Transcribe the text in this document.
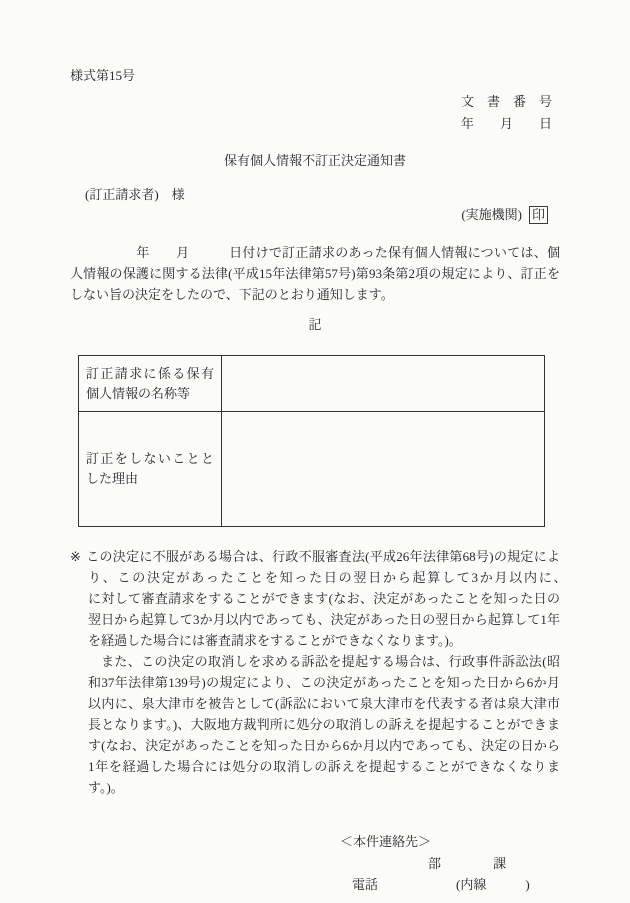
様式第15号
文　書　番　号
年　　月　　日
保有個人情報不訂正決定通知書
(訂正請求者)　様
(実施機関) 印

　　　　　年　　月　　　日付けで訂正請求のあった保有個人情報については、個人情報の保護に関する法律(平成15年法律第57号)第93条第2項の規定により、訂正をしない旨の決定をしたので、下記のとおり通知します。

記
訂正請求に係る保有個人情報の名称等	
訂正をしないこととした理由	

※ この決定に不服がある場合は、行政不服審査法(平成26年法律第68号)の規定により、この決定があったことを知った日の翌日から起算して3か月以内に、　　　　　に対して審査請求をすることができます(なお、決定があったことを知った日の翌日から起算して3か月以内であっても、決定があった日の翌日から起算して1年を経過した場合には審査請求をすることができなくなります。)。

また、この決定の取消しを求める訴訟を提起する場合は、行政事件訴訟法(昭和37年法律第139号)の規定により、この決定があったことを知った日から6か月以内に、泉大津市を被告として(訴訟において泉大津市を代表する者は泉大津市長となります。)、大阪地方裁判所に処分の取消しの訴えを提起することができます(なお、決定があったことを知った日から6か月以内であっても、決定の日から1年を経過した場合には処分の取消しの訴えを提起することができなくなります。)。

＜本件連絡先＞
部　　　　課
電話　　　　　　(内線　　　)
